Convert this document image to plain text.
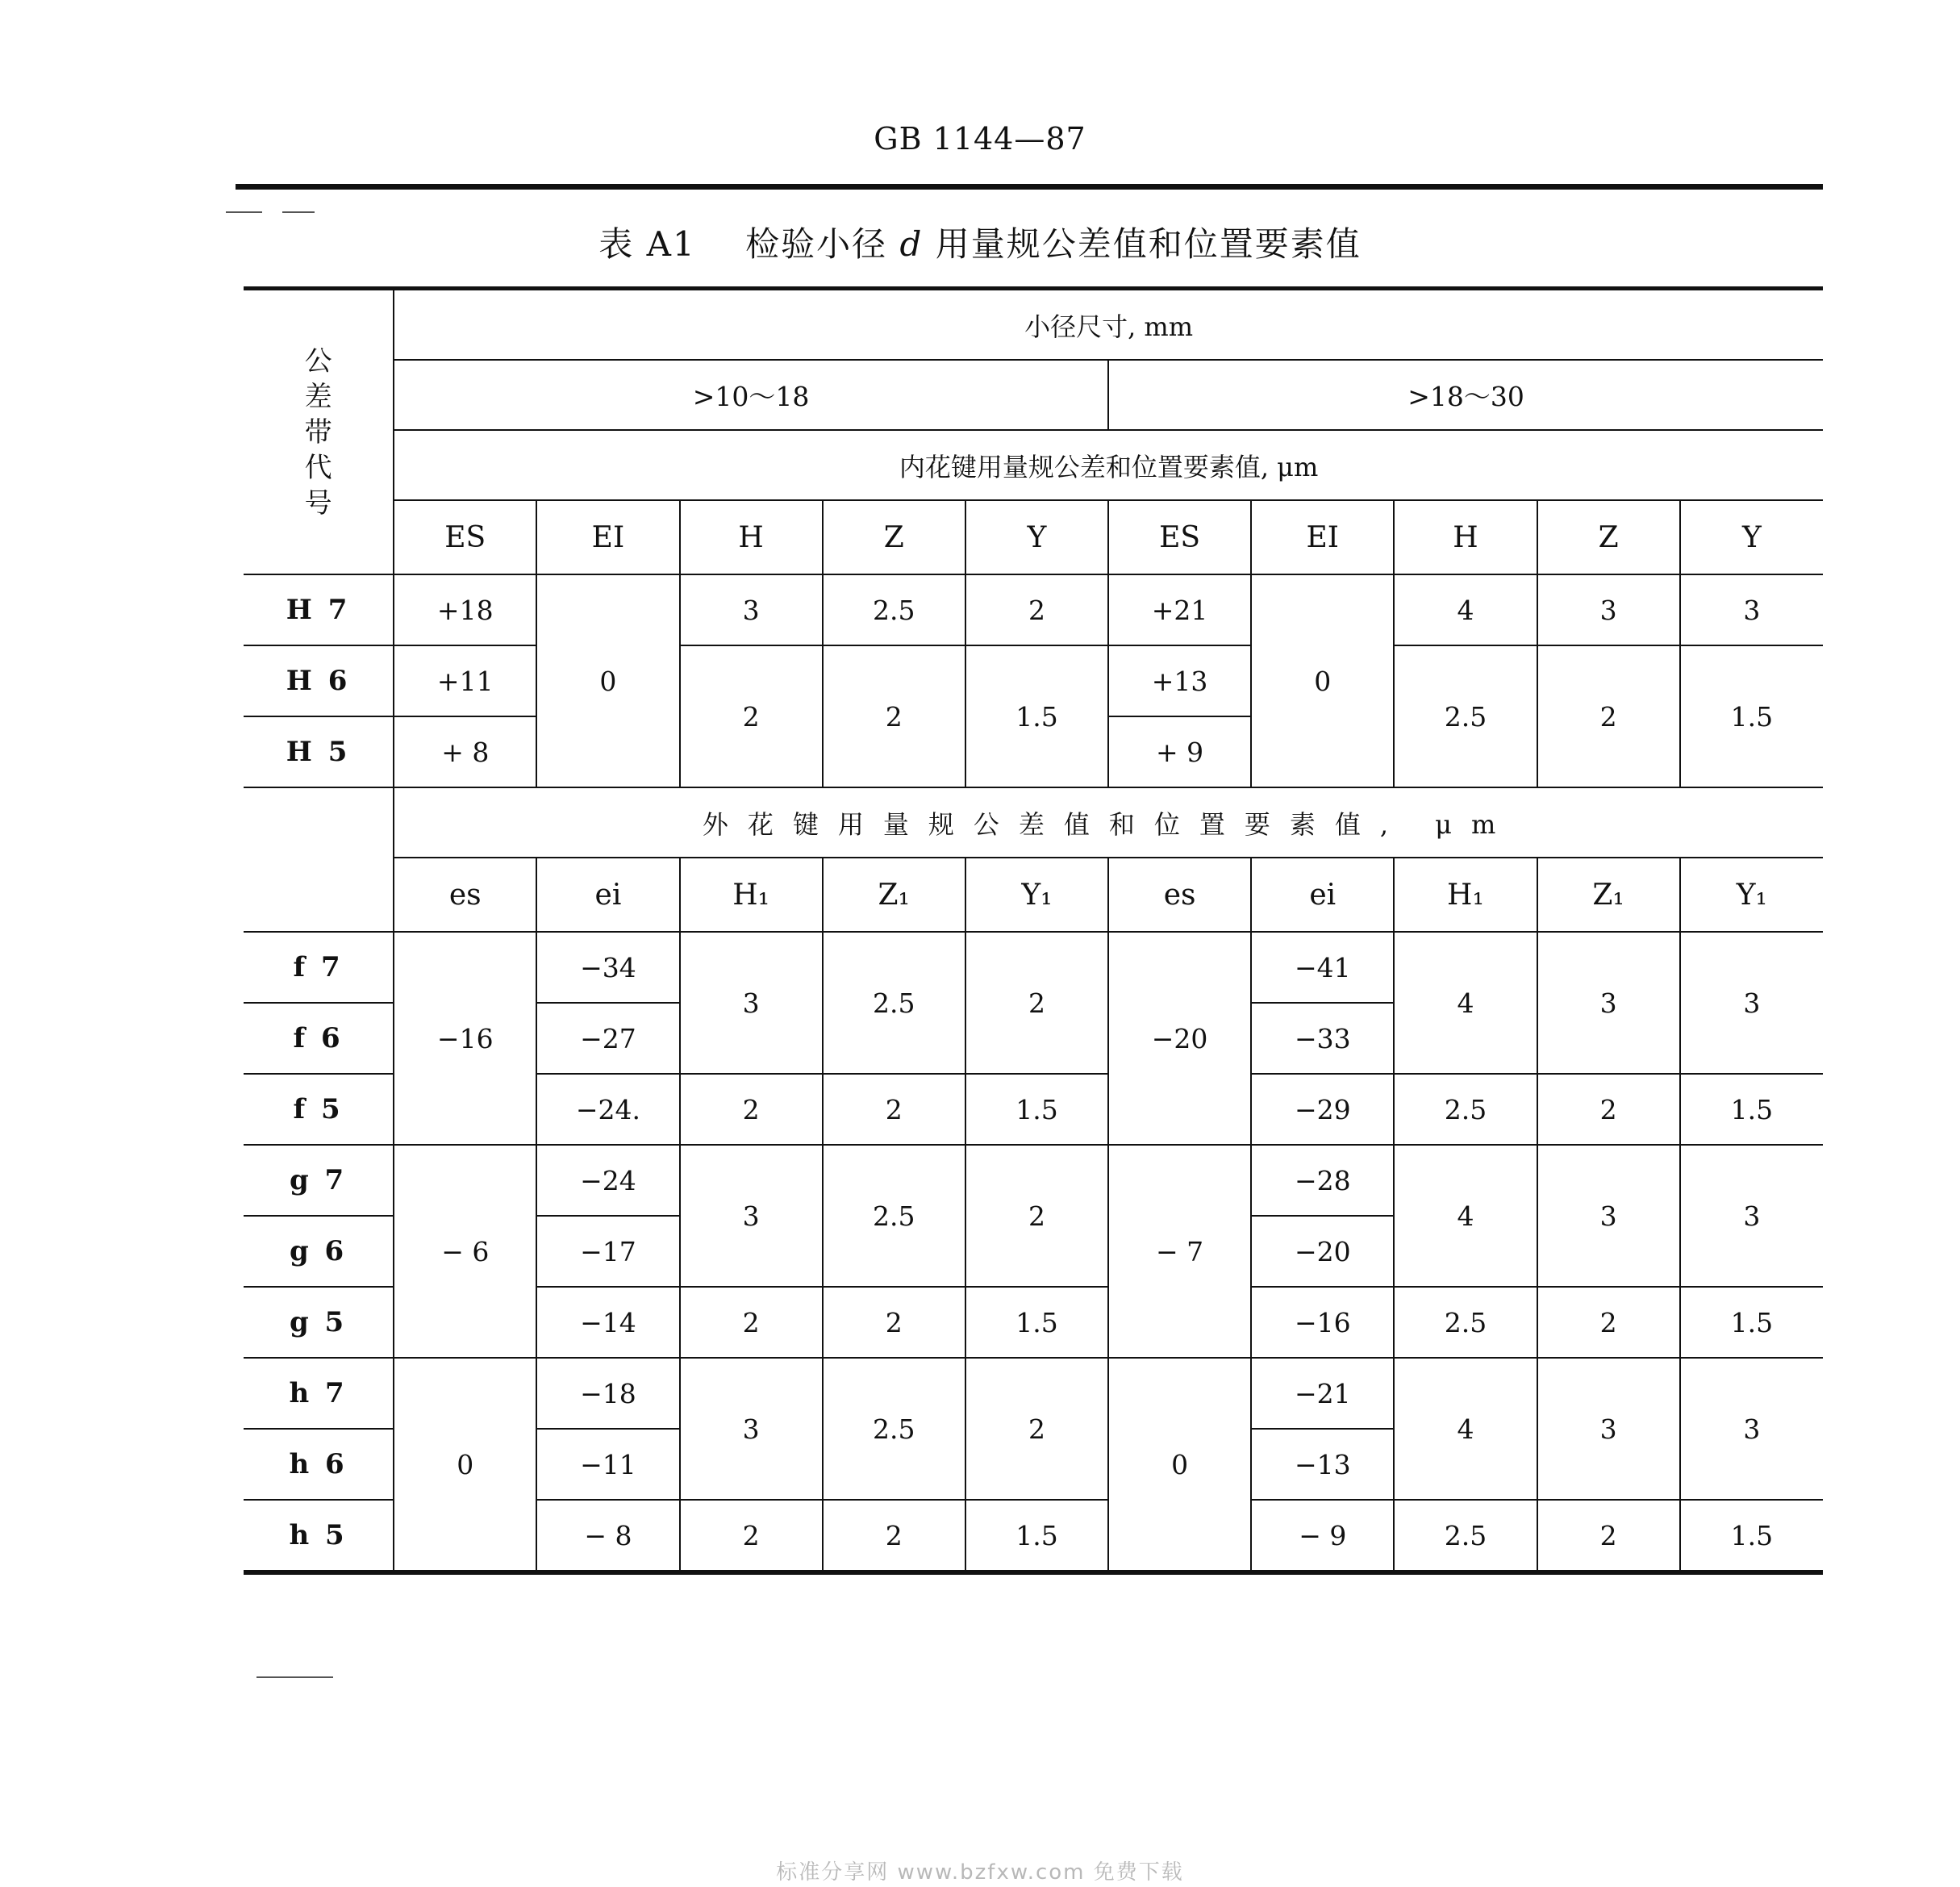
GB 1144—87
表 A1 检验小径 d 用量规公差值和位置要素值
公
差
带
代
号	小径尺寸, mm									
	>10～18					>18～30				
	内花键用量规公差和位置要素值, μm									
	ES	EI	H	Z	Y	ES	EI	H	Z	Y
H 7	+18	0	3	2.5	2	+21	0	4	3	3
H 6	+11		2	2	1.5	+13		2.5	2	1.5
H 5	+ 8					+ 9				
	外花键用量规公差值和位置要素值, μm									
	es	ei	H₁	Z₁	Y₁	es	ei	H₁	Z₁	Y₁
f 7	−16	−34	3	2.5	2	−20	−41	4	3	3
f 6		−27					−33			
f 5		−24.	2	2	1.5		−29	2.5	2	1.5
g 7	− 6	−24	3	2.5	2	− 7	−28	4	3	3
g 6		−17					−20			
g 5		−14	2	2	1.5		−16	2.5	2	1.5
h 7	0	−18	3	2.5	2	0	−21	4	3	3
h 6		−11					−13			
h 5		− 8	2	2	1.5		− 9	2.5	2	1.5
标准分享网 www.bzfxw.com 免费下载
